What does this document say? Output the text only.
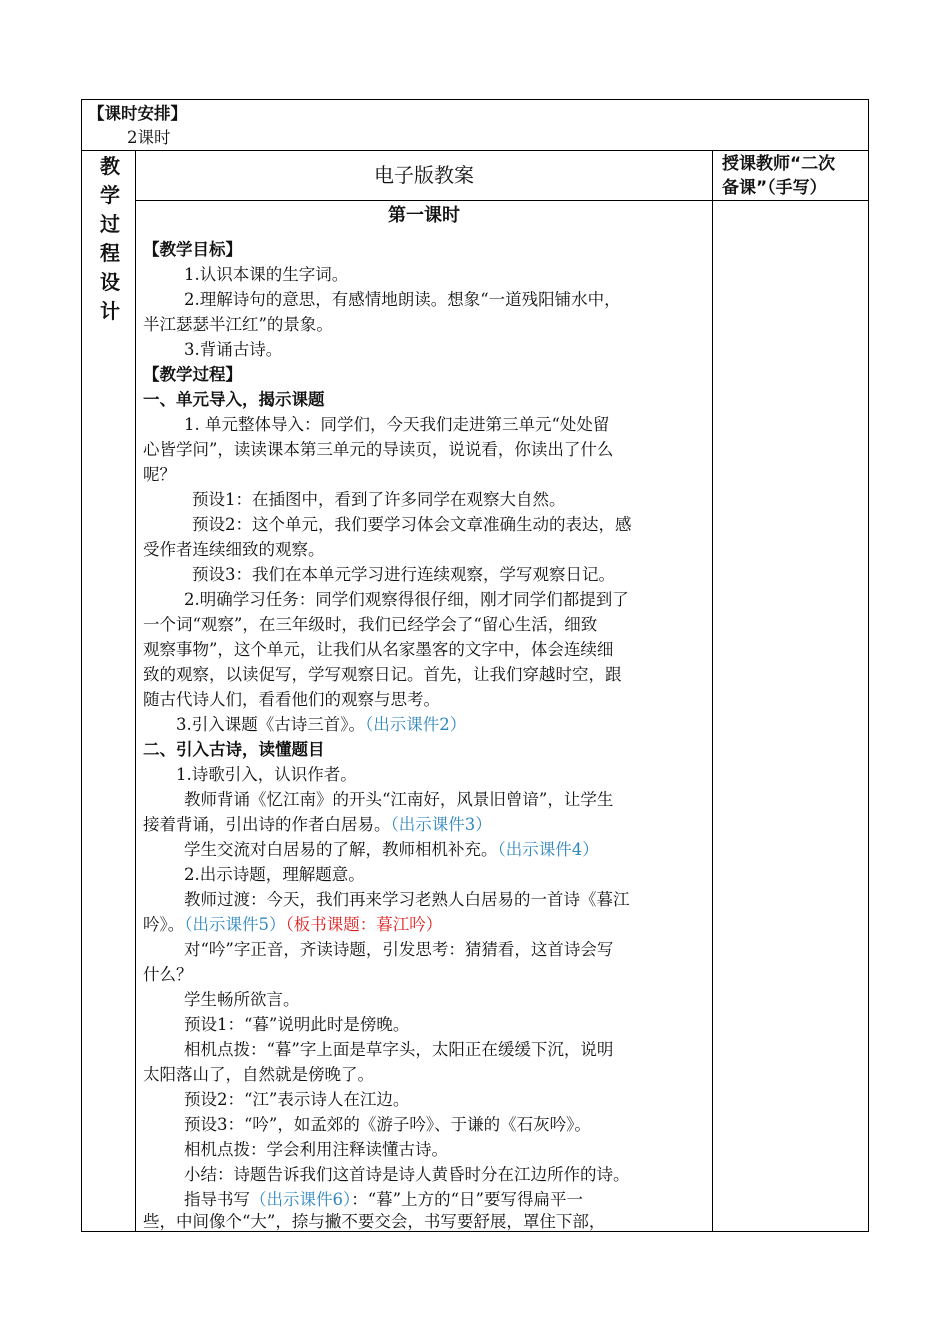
【课时安排】
2课时
教
学
过
程
设
计
电子版教案	授课教师“二次
备课”（手写）
第一课时
【教学目标】
1.认识本课的生字词。
2.理解诗句的意思，有感情地朗读。想象“一道残阳铺水中，
半江瑟瑟半江红”的景象。
3.背诵古诗。
【教学过程】
一、单元导入，揭示课题
1. 单元整体导入：同学们，今天我们走进第三单元“处处留
心皆学问”，读读课本第三单元的导读页，说说看，你读出了什么
呢？
预设1：在插图中，看到了许多同学在观察大自然。
预设2：这个单元，我们要学习体会文章准确生动的表达，感
受作者连续细致的观察。
预设3：我们在本单元学习进行连续观察，学写观察日记。
2.明确学习任务：同学们观察得很仔细，刚才同学们都提到了
一个词“观察”，在三年级时，我们已经学会了“留心生活，细致
观察事物”，这个单元，让我们从名家墨客的文字中，体会连续细
致的观察，以读促写，学写观察日记。首先，让我们穿越时空，跟
随古代诗人们，看看他们的观察与思考。
3.引入课题《古诗三首》。（出示课件2）
二、引入古诗，读懂题目
1.诗歌引入，认识作者。
教师背诵《忆江南》的开头“江南好，风景旧曾谙”，让学生
接着背诵，引出诗的作者白居易。（出示课件3）
学生交流对白居易的了解，教师相机补充。（出示课件4）
2.出示诗题，理解题意。
教师过渡：今天，我们再来学习老熟人白居易的一首诗《暮江
吟》。（出示课件5）（板书课题：暮江吟）
对“吟”字正音，齐读诗题，引发思考：猜猜看，这首诗会写
什么？
学生畅所欲言。
预设1：“暮”说明此时是傍晚。
相机点拨：“暮”字上面是草字头，太阳正在缓缓下沉，说明
太阳落山了，自然就是傍晚了。
预设2：“江”表示诗人在江边。
预设3：“吟”，如孟郊的《游子吟》、于谦的《石灰吟》。
相机点拨：学会利用注释读懂古诗。
小结：诗题告诉我们这首诗是诗人黄昏时分在江边所作的诗。
指导书写（出示课件6）：“暮”上方的“日”要写得扁平一
些，中间像个“大”，捺与撇不要交会，书写要舒展，罩住下部，
